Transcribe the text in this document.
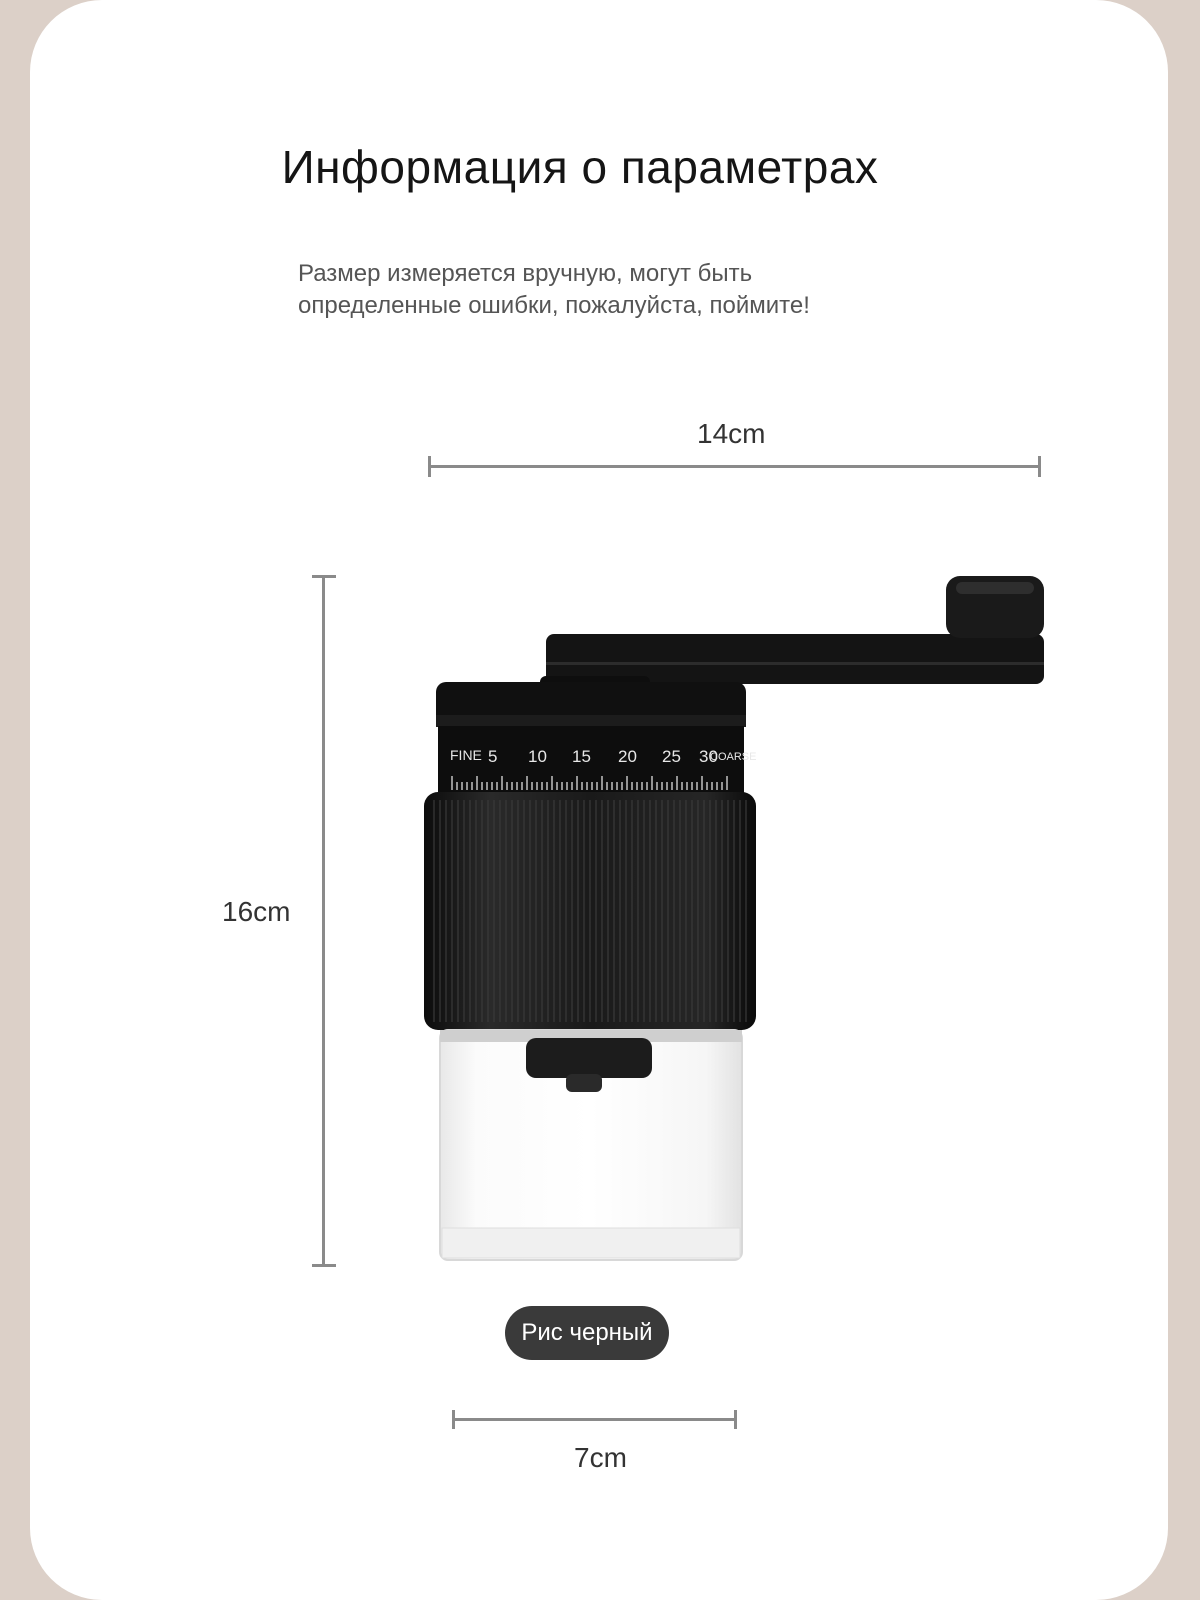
Информация о параметрах
Размер измеряется вручную, могут быть
определенные ошибки, пожалуйста, поймите!
14cm
16cm
7cm
Рис черный
FINE 5 10 15 20 25 30
COARSE
